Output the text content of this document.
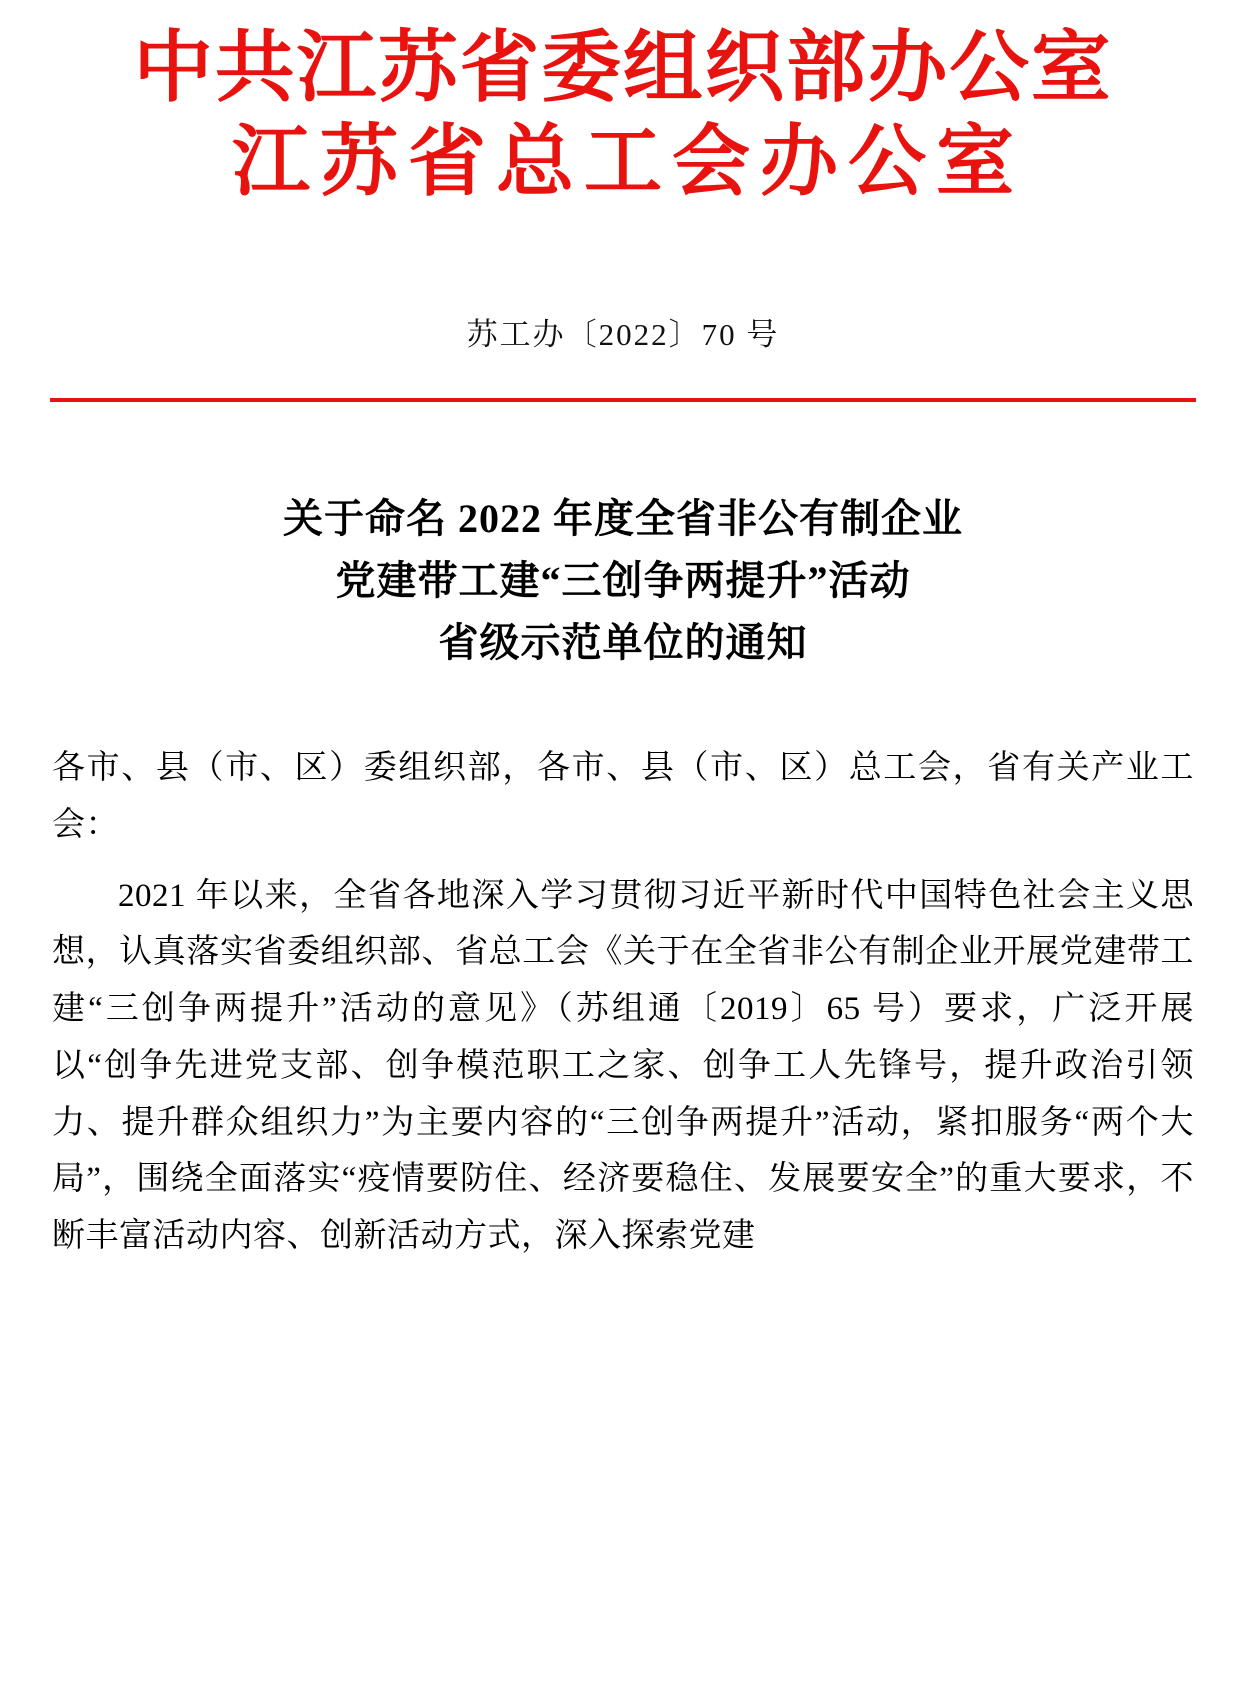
中共江苏省委组织部办公室
江苏省总工会办公室
苏工办〔2022〕70 号
关于命名 2022 年度全省非公有制企业
党建带工建“三创争两提升”活动
省级示范单位的通知

各市、县（市、区）委组织部，各市、县（市、区）总工会，省有关产业工会：

2021 年以来，全省各地深入学习贯彻习近平新时代中国特色社会主义思想，认真落实省委组织部、省总工会《关于在全省非公有制企业开展党建带工建“三创争两提升”活动的意见》（苏组通〔2019〕65 号）要求，广泛开展以“创争先进党支部、创争模范职工之家、创争工人先锋号，提升政治引领力、提升群众组织力”为主要内容的“三创争两提升”活动，紧扣服务“两个大局”，围绕全面落实“疫情要防住、经济要稳住、发展要安全”的重大要求，不断丰富活动内容、创新活动方式，深入探索党建
